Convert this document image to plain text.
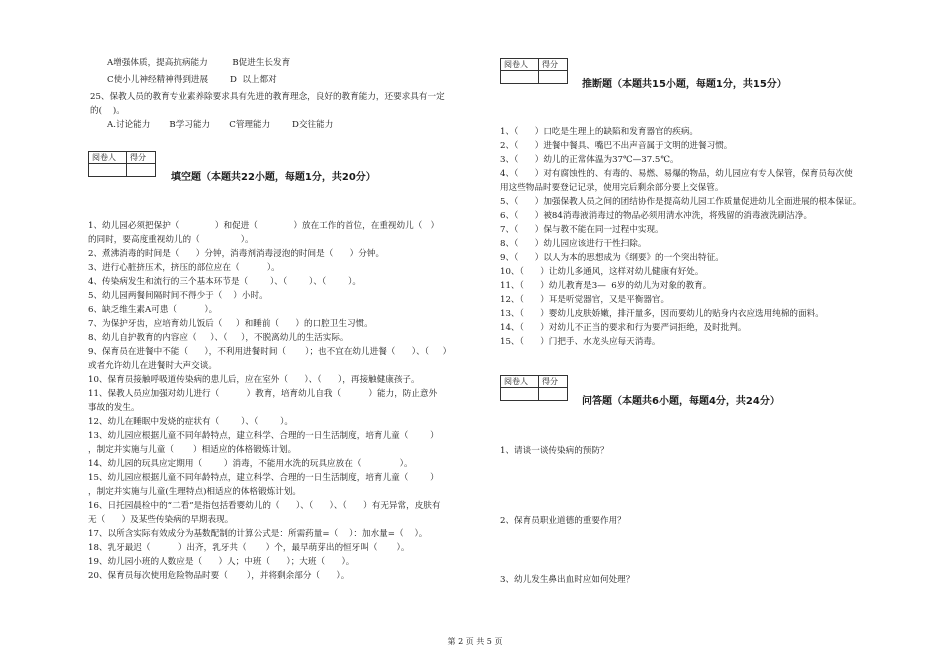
A增强体质，提高抗病能力         B促进生长发育
C使小儿神经精神得到进展        D  以上都对
25、保教人员的教育专业素养除要求具有先进的教育理念，良好的教育能力，还要求具有一定
的(    )。
A.讨论能力       B学习能力       C管理能力        D交往能力
阅卷人	得分

填空题（本题共22小题，每题1分，共20分）
1、幼儿园必须把保护（             ）和促进（             ）放在工作的首位，在重视幼儿（   ）
的同时，要高度重视幼儿的（               ）。
2、煮沸消毒的时间是（      ）分钟，消毒剂消毒浸泡的时间是（      ）分钟。
3、进行心脏挤压术，挤压的部位应在（          ）。
4、传染病发生和流行的三个基本环节是（        ）、（        ）、（        ）。
5、幼儿园两餐间隔时间不得少于（    ）小时。
6、缺乏维生素A可患（          ）。
7、为保护牙齿，应培育幼儿饭后（     ）和睡前（      ）的口腔卫生习惯。
8、幼儿自护教育的内容应（     ）、（     ），不脱离幼儿的生活实际。
9、保育员在进餐中不能（      ），不利用进餐时间（       ）；也不宜在幼儿进餐（      ）、（     ）
或者允许幼儿在进餐时大声交谈。
10、保育员接触呼吸道传染病的患儿后，应在室外（      ）、（      ），再接触健康孩子。
11、保教人员应加强对幼儿进行（          ）教育，培育幼儿自我（          ）能力，防止意外
事故的发生。
12、幼儿在睡眠中发烧的症状有（        ）、（        ）。
13、幼儿园应根据儿童不同年龄特点，建立科学、合理的一日生活制度，培育儿童（        ）
，制定并实施与儿童（       ）相适应的体格锻炼计划。
14、幼儿园的玩具应定期用（        ）消毒，不能用水洗的玩具应放在（              ）。
15、幼儿园应根据儿童不同年龄特点，建立科学、合理的一日生活制度，培育儿童（        ）
，制定并实施与儿童(生理特点)相适应的体格锻炼计划。
16、日托园晨检中的“二看”是指包括看婴幼儿的（      ）、（      ）、（      ）有无异常，皮肤有
无（      ）及某些传染病的早期表现。
17、以所含实际有效成分为基数配制的计算公式是：所需药量=（    ）：加水量=（    ）。
18、乳牙最迟（          ）出齐，乳牙共（       ）个，最早萌芽出的恒牙叫（       ）。
19、幼儿园小班的人数应是（      ）人；中班（      ）；大班（      ）。
20、保育员每次使用危险物品时要（       ），并将剩余部分（      ）。
阅卷人	得分

推断题（本题共15小题，每题1分，共15分）
1、（      ）口吃是生理上的缺陷和发育器官的疾病。
2、（      ）进餐中餐具、嘴巴不出声音属于文明的进餐习惯。
3、（      ）幼儿的正常体温为37℃—37.5℃。
4、（      ）对有腐蚀性的、有毒的、易燃、易爆的物品，幼儿园应有专人保管，保育员每次使
用这些物品时要登记记录，使用完后剩余部分要上交保管。
5、（      ）加强保教人员之间的团结协作是提高幼儿园工作质量促进幼儿全面进展的根本保证。
6、（      ）被84消毒液消毒过的物品必须用清水冲洗，将残留的消毒液洗刷洁净。
7、（      ）保与教不能在同一过程中实现。
8、（      ）幼儿园应该进行干性扫除。
9、（      ）以人为本的思想成为《纲要》的一个突出特征。
10、（      ）让幼儿多通风，这样对幼儿健康有好处。
11、（      ）幼儿教育是3—  6岁的幼儿为对象的教育。
12、（      ）耳是听觉器官，又是平衡器官。
13、（      ）婴幼儿皮肤娇嫩，排汗量多，因而要幼儿的贴身内衣应选用纯棉的面料。
14、（      ）对幼儿不正当的要求和行为要严词拒绝，及时批判。
15、（      ）门把手、水龙头应每天消毒。
阅卷人	得分

问答题（本题共6小题，每题4分，共24分）
1、请谈一谈传染病的预防？
2、保育员职业道德的重要作用？
3、幼儿发生鼻出血时应如何处理？
第 2 页 共 5 页
